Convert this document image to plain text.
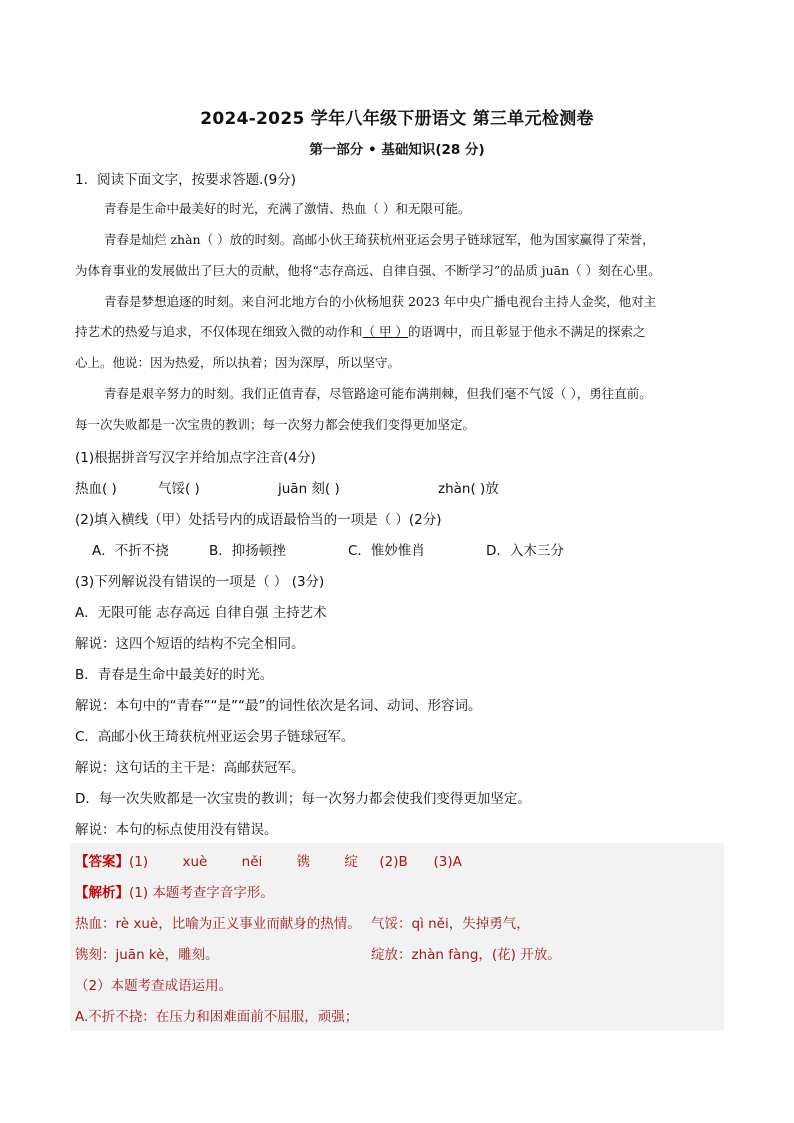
2024-2025 学年八年级下册语文 第三单元检测卷
第一部分 • 基础知识(28 分)
1．阅读下面文字，按要求答题.(9分)
青春是生命中最美好的时光，充满了激情、热血（ ）和无限可能。
青春是灿烂 zhàn（ ）放的时刻。高邮小伙王琦获杭州亚运会男子链球冠军，他为国家赢得了荣誉，
为体育事业的发展做出了巨大的贡献，他将“志存高远、自律自强、不断学习”的品质 juān（ ）刻在心里。
青春是梦想追逐的时刻。来自河北地方台的小伙杨旭获 2023 年中央广播电视台主持人金奖，他对主
持艺术的热爱与追求，不仅体现在细致入微的动作和（ 甲 ）的语调中，而且彰显于他永不满足的探索之
心上。他说：因为热爱，所以执着；因为深厚，所以坚守。
青春是艰辛努力的时刻。我们正值青春，尽管路途可能布满荆棘，但我们毫不气馁（ ），勇往直前。
每一次失败都是一次宝贵的教训；每一次努力都会使我们变得更加坚定。
(1)根据拼音写汉字并给加点字注音(4分)
热血( )	气馁( )	juān 刻( )	zhàn( )放
(2)填入横线（甲）处括号内的成语最恰当的一项是（ ）(2分)
A．不折不挠	B．抑扬顿挫	C．惟妙惟肖	D．入木三分
(3)下列解说没有错误的一项是（ ） (3分)
A．无限可能 志存高远 自律自强 主持艺术
解说：这四个短语的结构不完全相同。
B．青春是生命中最美好的时光。
解说：本句中的“青春”“是”“最”的词性依次是名词、动词、形容词。
C．高邮小伙王琦获杭州亚运会男子链球冠军。
解说：这句话的主干是：高邮获冠军。
D．每一次失败都是一次宝贵的教训；每一次努力都会使我们变得更加坚定。
解说：本句的标点使用没有错误。
【答案】(1)        xuè        něi        镌        绽     (2)B      (3)A
【解析】(1) 本题考查字音字形。
热血：rè xuè，比喻为正义事业而献身的热情。 气馁：qì něi，失掉勇气，
镌刻：juān kè，雕刻。	绽放：zhàn fàng，(花) 开放。
（2）本题考查成语运用。
A.不折不挠：在压力和困难面前不屈服，顽强；
